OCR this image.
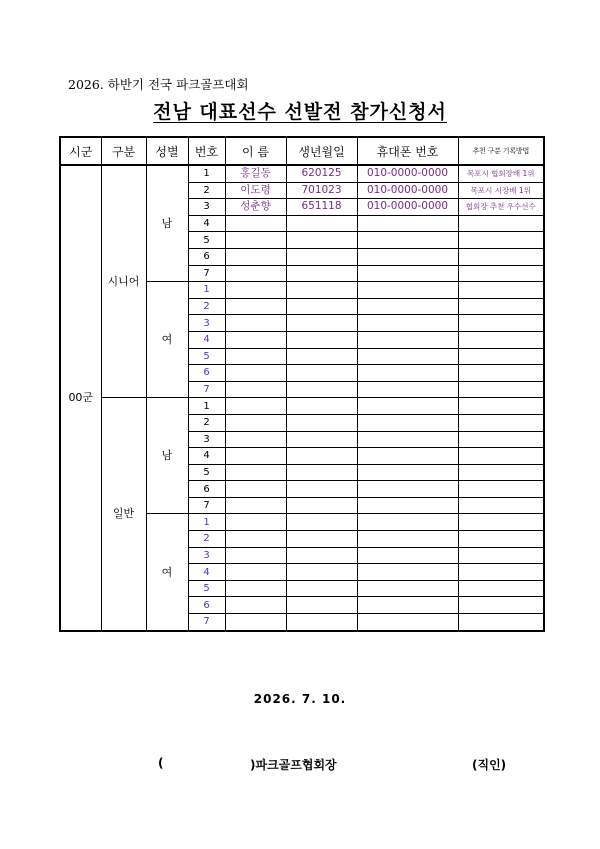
2026. 하반기 전국 파크골프대회
전남 대표선수 선발전 참가신청서
시군	구분	성별	번호	이 름	생년월일	휴대폰 번호	추천 구분 기록방법
00군	시니어	남	1	홍길동	620125	010-0000-0000	목포시 협회장배 1위
			2	이도령	701023	010-0000-0000	목포시 시장배 1위
			3	성춘향	651118	010-0000-0000	협회장 추천 우수선수
			4				
			5				
			6				
			7				
		여	1				
			2				
			3				
			4				
			5				
			6				
			7				
	일반	남	1				
			2				
			3				
			4				
			5				
			6				
			7				
		여	1				
			2				
			3				
			4				
			5				
			6				
			7				
2026. 7. 10.
(	)파크골프협회장	(직인)
